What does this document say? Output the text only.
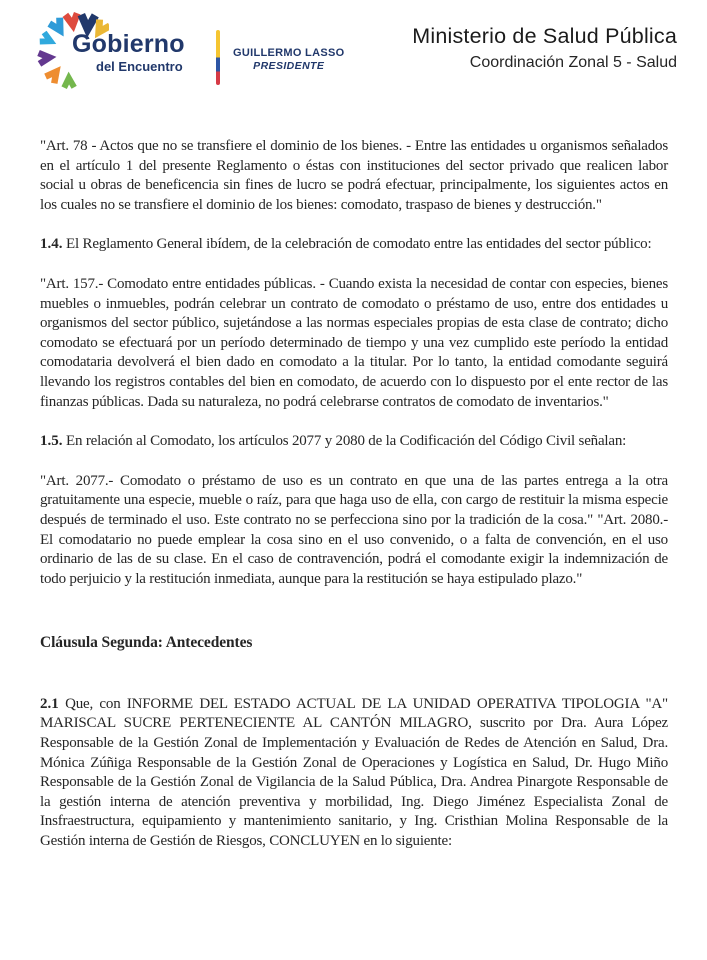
Gobierno
del Encuentro
GUILLERMO LASSO
PRESIDENTE
Ministerio de Salud Pública
Coordinación Zonal 5 - Salud

"Art. 78 - Actos que no se transfiere el dominio de los bienes. - Entre las entidades u organismos señalados en el artículo 1 del presente Reglamento o éstas con instituciones del sector privado que realicen labor social u obras de beneficencia sin fines de lucro se podrá efectuar, principalmente, los siguientes actos en los cuales no se transfiere el dominio de los bienes: comodato, traspaso de bienes y destrucción."

1.4. El Reglamento General ibídem, de la celebración de comodato entre las entidades del sector público:

"Art. 157.- Comodato entre entidades públicas. - Cuando exista la necesidad de contar con especies, bienes muebles o inmuebles, podrán celebrar un contrato de comodato o préstamo de uso, entre dos entidades u organismos del sector público, sujetándose a las normas especiales propias de esta clase de contrato; dicho comodato se efectuará por un período determinado de tiempo y una vez cumplido este período la entidad comodataria devolverá el bien dado en comodato a la titular. Por lo tanto, la entidad comodante seguirá llevando los registros contables del bien en comodato, de acuerdo con lo dispuesto por el ente rector de las finanzas públicas. Dada su naturaleza, no podrá celebrarse contratos de comodato de inventarios."

1.5. En relación al Comodato, los artículos 2077 y 2080 de la Codificación del Código Civil señalan:

"Art. 2077.- Comodato o préstamo de uso es un contrato en que una de las partes entrega a la otra gratuitamente una especie, mueble o raíz, para que haga uso de ella, con cargo de restituir la misma especie después de terminado el uso. Este contrato no se perfecciona sino por la tradición de la cosa." "Art. 2080.- El comodatario no puede emplear la cosa sino en el uso convenido, o a falta de convención, en el uso ordinario de las de su clase. En el caso de contravención, podrá el comodante exigir la indemnización de todo perjuicio y la restitución inmediata, aunque para la restitución se haya estipulado plazo."

Cláusula Segunda: Antecedentes

2.1 Que, con INFORME DEL ESTADO ACTUAL DE LA UNIDAD OPERATIVA TIPOLOGIA "A" MARISCAL SUCRE PERTENECIENTE AL CANTÓN MILAGRO, suscrito por Dra. Aura López Responsable de la Gestión Zonal de Implementación y Evaluación de Redes de Atención en Salud, Dra. Mónica Zúñiga Responsable de la Gestión Zonal de Operaciones y Logística en Salud, Dr. Hugo Miño Responsable de la Gestión Zonal de Vigilancia de la Salud Pública, Dra. Andrea Pinargote Responsable de la gestión interna de atención preventiva y morbilidad, Ing. Diego Jiménez Especialista Zonal de Insfraestructura, equipamiento y mantenimiento sanitario, y Ing. Cristhian Molina Responsable de la Gestión interna de Gestión de Riesgos, CONCLUYEN en lo siguiente:
